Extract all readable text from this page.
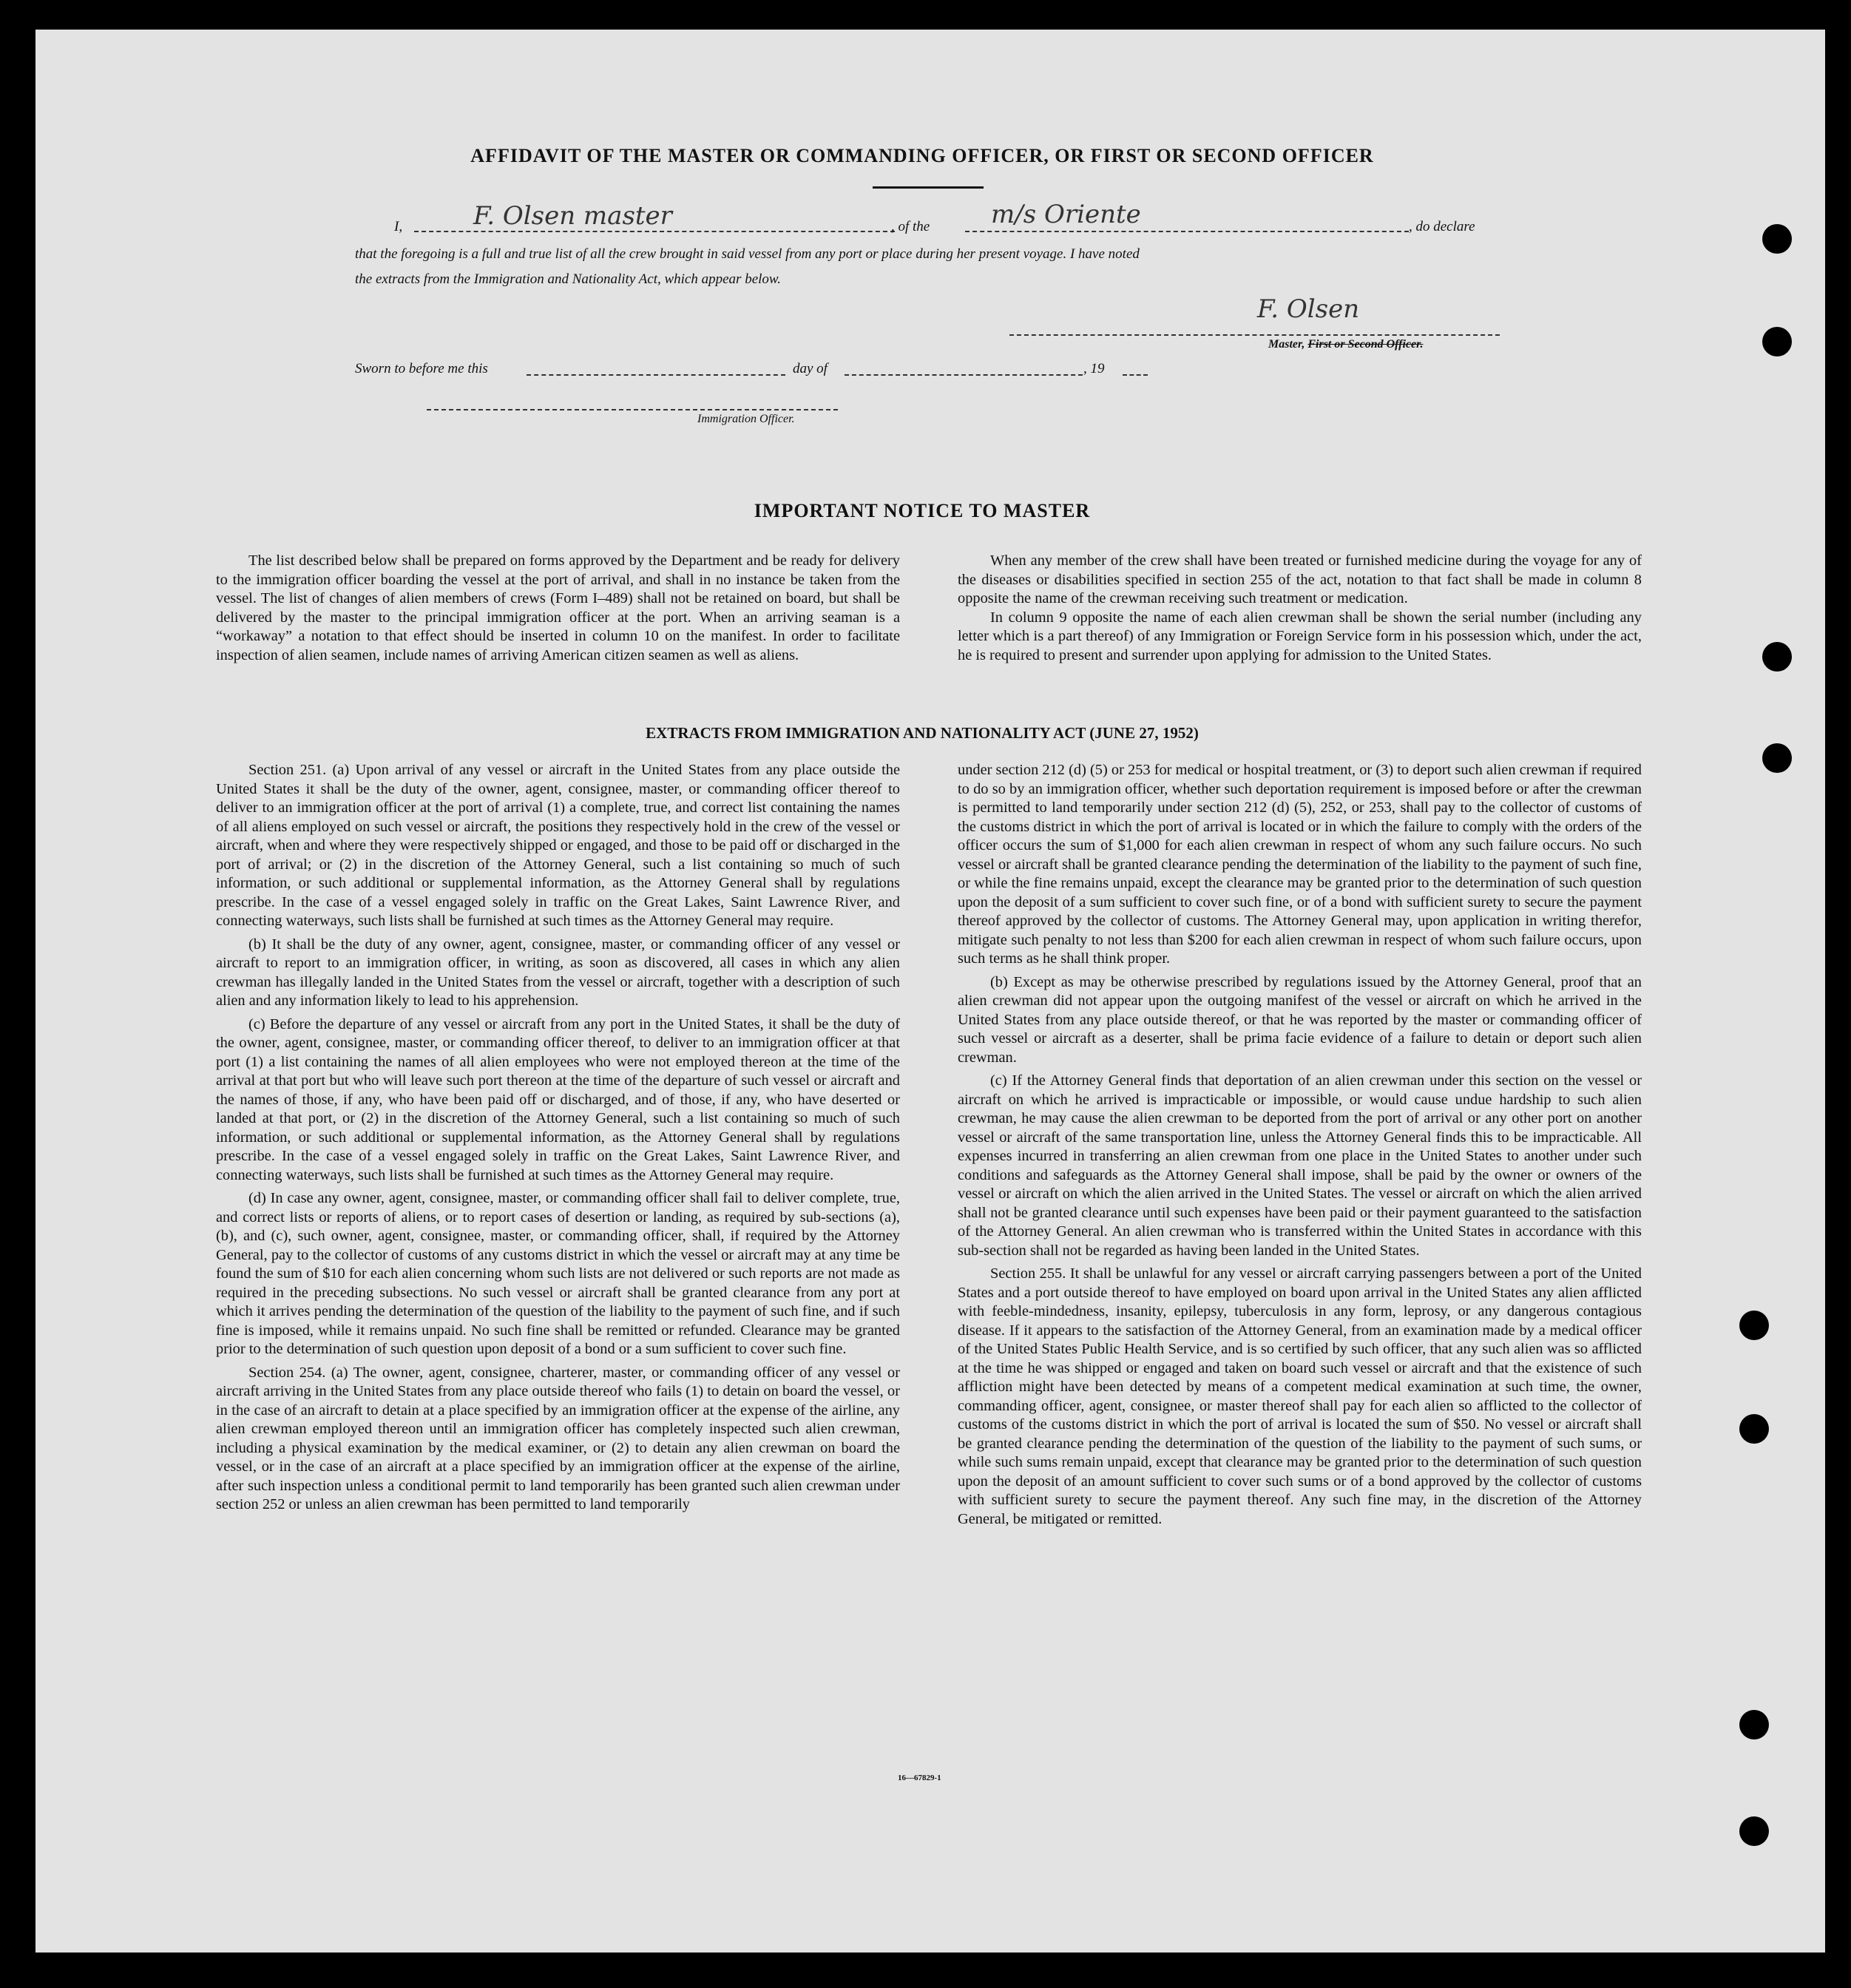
AFFIDAVIT OF THE MASTER OR COMMANDING OFFICER, OR FIRST OR SECOND OFFICER
I,	F. Olsen master	, of the m/s Oriente	, do declare
that the foregoing is a full and true list of all the crew brought in said vessel from any port or place during her present voyage. I have noted
the extracts from the Immigration and Nationality Act, which appear below.
F. Olsen
Master, First or Second Officer.
Sworn to before me this	day of	, 19
Immigration Officer.
IMPORTANT NOTICE TO MASTER

The list described below shall be prepared on forms approved by the Department and be ready for delivery to the immigration officer boarding the vessel at the port of arrival, and shall in no instance be taken from the vessel. The list of changes of alien members of crews (Form I–489) shall not be retained on board, but shall be delivered by the master to the principal immigration officer at the port. When an arriving seaman is a “workaway” a notation to that effect should be inserted in column 10 on the manifest. In order to facilitate inspection of alien seamen, include names of arriving American citizen seamen as well as aliens.

When any member of the crew shall have been treated or furnished medicine during the voyage for any of the diseases or disabilities specified in section 255 of the act, notation to that fact shall be made in column 8 opposite the name of the crewman receiving such treatment or medication.

In column 9 opposite the name of each alien crewman shall be shown the serial number (including any letter which is a part thereof) of any Immigration or Foreign Service form in his possession which, under the act, he is required to present and surrender upon applying for admission to the United States.

EXTRACTS FROM IMMIGRATION AND NATIONALITY ACT (JUNE 27, 1952)

Section 251. (a) Upon arrival of any vessel or aircraft in the United States from any place outside the United States it shall be the duty of the owner, agent, consignee, master, or commanding officer thereof to deliver to an immigration officer at the port of arrival (1) a complete, true, and correct list containing the names of all aliens employed on such vessel or aircraft, the positions they respectively hold in the crew of the vessel or aircraft, when and where they were respectively shipped or engaged, and those to be paid off or discharged in the port of arrival; or (2) in the discretion of the Attorney General, such a list containing so much of such information, or such additional or supplemental information, as the Attorney General shall by regulations prescribe. In the case of a vessel engaged solely in traffic on the Great Lakes, Saint Lawrence River, and connecting waterways, such lists shall be furnished at such times as the Attorney General may require.

(b) It shall be the duty of any owner, agent, consignee, master, or commanding officer of any vessel or aircraft to report to an immigration officer, in writing, as soon as discovered, all cases in which any alien crewman has illegally landed in the United States from the vessel or aircraft, together with a description of such alien and any information likely to lead to his apprehension.

(c) Before the departure of any vessel or aircraft from any port in the United States, it shall be the duty of the owner, agent, consignee, master, or commanding officer thereof, to deliver to an immigration officer at that port (1) a list containing the names of all alien employees who were not employed thereon at the time of the arrival at that port but who will leave such port thereon at the time of the departure of such vessel or aircraft and the names of those, if any, who have been paid off or discharged, and of those, if any, who have deserted or landed at that port, or (2) in the discretion of the Attorney General, such a list containing so much of such information, or such additional or supplemental information, as the Attorney General shall by regulations prescribe. In the case of a vessel engaged solely in traffic on the Great Lakes, Saint Lawrence River, and connecting waterways, such lists shall be furnished at such times as the Attorney General may require.

(d) In case any owner, agent, consignee, master, or commanding officer shall fail to deliver complete, true, and correct lists or reports of aliens, or to report cases of desertion or landing, as required by sub-sections (a), (b), and (c), such owner, agent, consignee, master, or commanding officer, shall, if required by the Attorney General, pay to the collector of customs of any customs district in which the vessel or aircraft may at any time be found the sum of $10 for each alien concerning whom such lists are not delivered or such reports are not made as required in the preceding subsections. No such vessel or aircraft shall be granted clearance from any port at which it arrives pending the determination of the question of the liability to the payment of such fine, and if such fine is imposed, while it remains unpaid. No such fine shall be remitted or refunded. Clearance may be granted prior to the determination of such question upon deposit of a bond or a sum sufficient to cover such fine.

Section 254. (a) The owner, agent, consignee, charterer, master, or commanding officer of any vessel or aircraft arriving in the United States from any place outside thereof who fails (1) to detain on board the vessel, or in the case of an aircraft to detain at a place specified by an immigration officer at the expense of the airline, any alien crewman employed thereon until an immigration officer has completely inspected such alien crewman, including a physical examination by the medical examiner, or (2) to detain any alien crewman on board the vessel, or in the case of an aircraft at a place specified by an immigration officer at the expense of the airline, after such inspection unless a conditional permit to land temporarily has been granted such alien crewman under section 252 or unless an alien crewman has been permitted to land temporarily

under section 212 (d) (5) or 253 for medical or hospital treatment, or (3) to deport such alien crewman if required to do so by an immigration officer, whether such deportation requirement is imposed before or after the crewman is permitted to land temporarily under section 212 (d) (5), 252, or 253, shall pay to the collector of customs of the customs district in which the port of arrival is located or in which the failure to comply with the orders of the officer occurs the sum of $1,000 for each alien crewman in respect of whom any such failure occurs. No such vessel or aircraft shall be granted clearance pending the determination of the liability to the payment of such fine, or while the fine remains unpaid, except the clearance may be granted prior to the determination of such question upon the deposit of a sum sufficient to cover such fine, or of a bond with sufficient surety to secure the payment thereof approved by the collector of customs. The Attorney General may, upon application in writing therefor, mitigate such penalty to not less than $200 for each alien crewman in respect of whom such failure occurs, upon such terms as he shall think proper.

(b) Except as may be otherwise prescribed by regulations issued by the Attorney General, proof that an alien crewman did not appear upon the outgoing manifest of the vessel or aircraft on which he arrived in the United States from any place outside thereof, or that he was reported by the master or commanding officer of such vessel or aircraft as a deserter, shall be prima facie evidence of a failure to detain or deport such alien crewman.

(c) If the Attorney General finds that deportation of an alien crewman under this section on the vessel or aircraft on which he arrived is impracticable or impossible, or would cause undue hardship to such alien crewman, he may cause the alien crewman to be deported from the port of arrival or any other port on another vessel or aircraft of the same transportation line, unless the Attorney General finds this to be impracticable. All expenses incurred in transferring an alien crewman from one place in the United States to another under such conditions and safeguards as the Attorney General shall impose, shall be paid by the owner or owners of the vessel or aircraft on which the alien arrived in the United States. The vessel or aircraft on which the alien arrived shall not be granted clearance until such expenses have been paid or their payment guaranteed to the satisfaction of the Attorney General. An alien crewman who is transferred within the United States in accordance with this sub-section shall not be regarded as having been landed in the United States.

Section 255. It shall be unlawful for any vessel or aircraft carrying passengers between a port of the United States and a port outside thereof to have employed on board upon arrival in the United States any alien afflicted with feeble-mindedness, insanity, epilepsy, tuberculosis in any form, leprosy, or any dangerous contagious disease. If it appears to the satisfaction of the Attorney General, from an examination made by a medical officer of the United States Public Health Service, and is so certified by such officer, that any such alien was so afflicted at the time he was shipped or engaged and taken on board such vessel or aircraft and that the existence of such affliction might have been detected by means of a competent medical examination at such time, the owner, commanding officer, agent, consignee, or master thereof shall pay for each alien so afflicted to the collector of customs of the customs district in which the port of arrival is located the sum of $50. No vessel or aircraft shall be granted clearance pending the determination of the question of the liability to the payment of such sums, or while such sums remain unpaid, except that clearance may be granted prior to the determination of such question upon the deposit of an amount sufficient to cover such sums or of a bond approved by the collector of customs with sufficient surety to secure the payment thereof. Any such fine may, in the discretion of the Attorney General, be mitigated or remitted.

16—67829-1
